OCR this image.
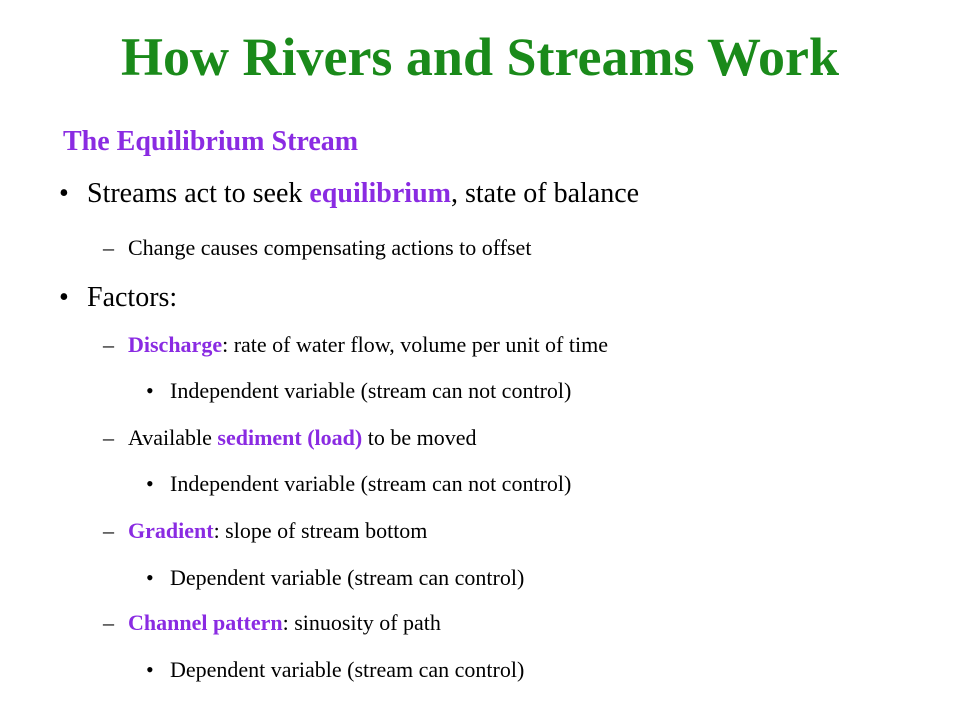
How Rivers and Streams Work
The Equilibrium Stream
• Streams act to seek equilibrium, state of balance
– Change causes compensating actions to offset
• Factors:
– Discharge: rate of water flow, volume per unit of time
• Independent variable (stream can not control)
– Available sediment (load) to be moved
• Independent variable (stream can not control)
– Gradient: slope of stream bottom
• Dependent variable (stream can control)
– Channel pattern: sinuosity of path
• Dependent variable (stream can control)
